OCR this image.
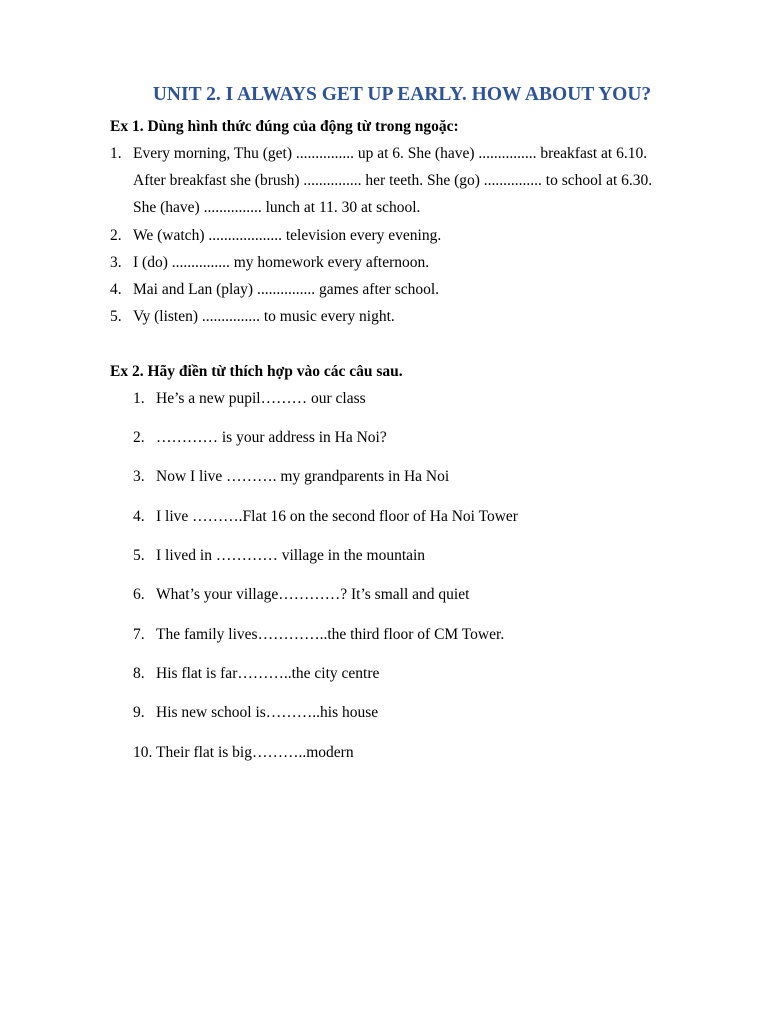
UNIT 2. I ALWAYS GET UP EARLY. HOW ABOUT YOU?
Ex 1. Dùng hình thức đúng của động từ trong ngoặc:
1. Every morning, Thu (get) ............... up at 6. She (have) ............... breakfast at 6.10.
After breakfast she (brush) ............... her teeth. She (go) ............... to school at 6.30.
She (have) ............... lunch at 11. 30 at school.
2. We (watch) ................... television every evening.
3. I (do) ............... my homework every afternoon.
4. Mai and Lan (play) ............... games after school.
5. Vy (listen) ............... to music every night.
Ex 2. Hãy điền từ thích hợp vào các câu sau.
1. He’s a new pupil……… our class
2. ………… is your address in Ha Noi?
3. Now I live ………. my grandparents in Ha Noi
4. I live ……….Flat 16 on the second floor of Ha Noi Tower
5. I lived in ………… village in the mountain
6. What’s your village…………? It’s small and quiet
7. The family lives…………..the third floor of CM Tower.
8. His flat is far………..the city centre
9. His new school is………..his house
10. Their flat is big………..modern
